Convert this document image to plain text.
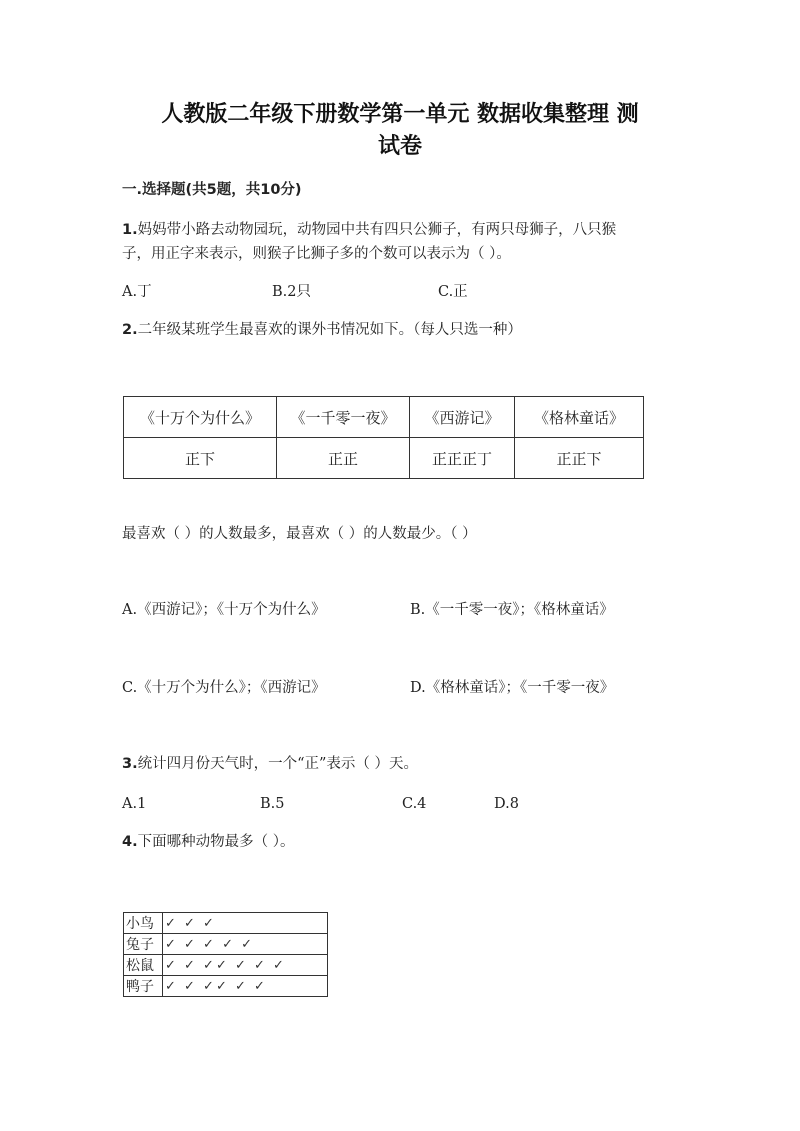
人教版二年级下册数学第一单元 数据收集整理 测
试卷
一.选择题(共5题，共10分)
1.妈妈带小路去动物园玩，动物园中共有四只公狮子，有两只母狮子，八只猴
子，用正字来表示，则猴子比狮子多的个数可以表示为（ ）。
A.丁	B.2只	C.正
2.二年级某班学生最喜欢的课外书情况如下。（每人只选一种）
《十万个为什么》	《一千零一夜》	《西游记》	《格林童话》
正下	正正	正正正丁	正正下
最喜欢（ ）的人数最多，最喜欢（ ）的人数最少。（ ）
A.《西游记》；《十万个为什么》	B.《一千零一夜》；《格林童话》
C.《十万个为什么》；《西游记》	D.《格林童话》；《一千零一夜》
3.统计四月份天气时，一个“正”表示（ ）天。
A.1	B.5	C.4	D.8
4.下面哪种动物最多（ ）。
小鸟	✓ ✓ ✓
兔子	✓ ✓ ✓ ✓ ✓
松鼠	✓ ✓ ✓✓ ✓ ✓ ✓
鸭子	✓ ✓ ✓✓ ✓ ✓
